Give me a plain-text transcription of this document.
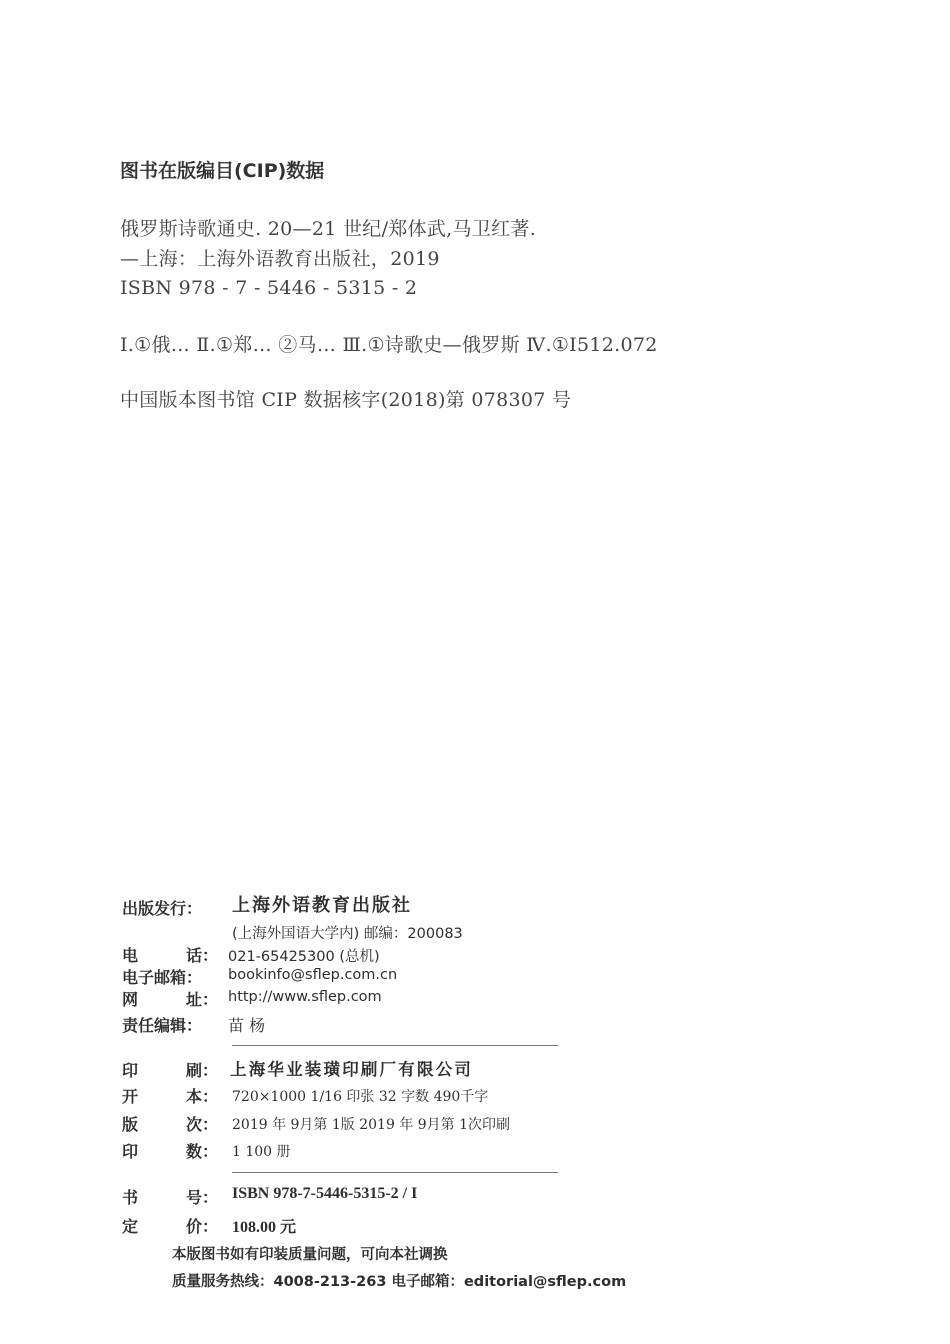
图书在版编目(CIP)数据
俄罗斯诗歌通史. 20—21 世纪/郑体武,马卫红著.
—上海：上海外语教育出版社，2019
ISBN 978 - 7 - 5446 - 5315 - 2
Ⅰ.①俄… Ⅱ.①郑… ②马… Ⅲ.①诗歌史—俄罗斯 Ⅳ.①I512.072
中国版本图书馆 CIP 数据核字(2018)第 078307 号
出版发行： 上海外语教育出版社
(上海外国语大学内) 邮编：200083
电	话： 021-65425300 (总机)
电子邮箱： bookinfo@sflep.com.cn
网	址： http://www.sflep.com
责任编辑： 苗 杨
印	刷： 上海华业装璜印刷厂有限公司
开	本： 720×1000 1/16 印张 32 字数 490千字
版	次： 2019 年 9月第 1版 2019 年 9月第 1次印刷
印	数： 1 100 册
书	号： ISBN 978-7-5446-5315-2 / I
定	价： 108.00 元
本版图书如有印装质量问题，可向本社调换
质量服务热线：4008-213-263 电子邮箱：editorial@sflep.com
